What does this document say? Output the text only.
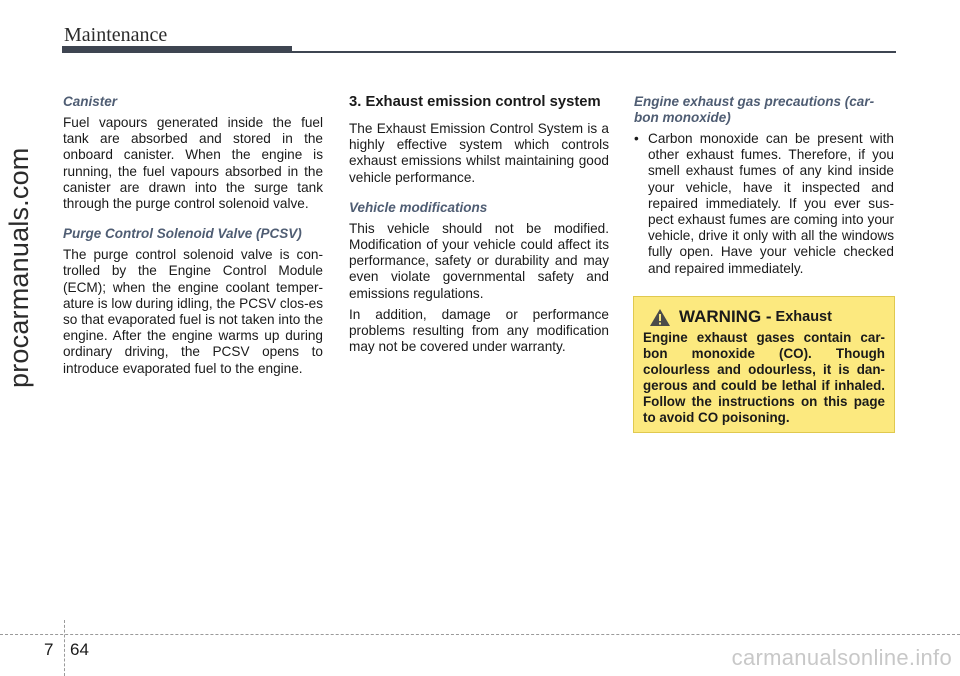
Maintenance
procarmanuals.com
Canister

Fuel vapours generated inside the fuel tank are absorbed and stored in the onboard canister. When the engine is running, the fuel vapours absorbed in the canister are drawn into the surge tank through the purge control solenoid valve.

Purge Control Solenoid Valve (PCSV)

The purge control solenoid valve is con-trolled by the Engine Control Module (ECM); when the engine coolant temper-ature is low during idling, the PCSV clos-es so that evaporated fuel is not taken into the engine. After the engine warms up during ordinary driving, the PCSV opens to introduce evaporated fuel to the engine.

3. Exhaust emission control system

The Exhaust Emission Control System is a highly effective system which controls exhaust emissions whilst maintaining good vehicle performance.

Vehicle modifications

This vehicle should not be modified. Modification of your vehicle could affect its performance, safety or durability and may even violate governmental safety and emissions regulations.

In addition, damage or performance problems resulting from any modification may not be covered under warranty.

Engine exhaust gas precautions (car-bon monoxide)
• Carbon monoxide can be present with other exhaust fumes. Therefore, if you smell exhaust fumes of any kind inside your vehicle, have it inspected and repaired immediately. If you ever sus-pect exhaust fumes are coming into your vehicle, drive it only with all the windows fully open. Have your vehicle checked and repaired immediately.
WARNING - Exhaust

Engine exhaust gases contain car-bon monoxide (CO). Though colourless and odourless, it is dan-gerous and could be lethal if inhaled. Follow the instructions on this page to avoid CO poisoning.

7 64	carmanualsonline.info
